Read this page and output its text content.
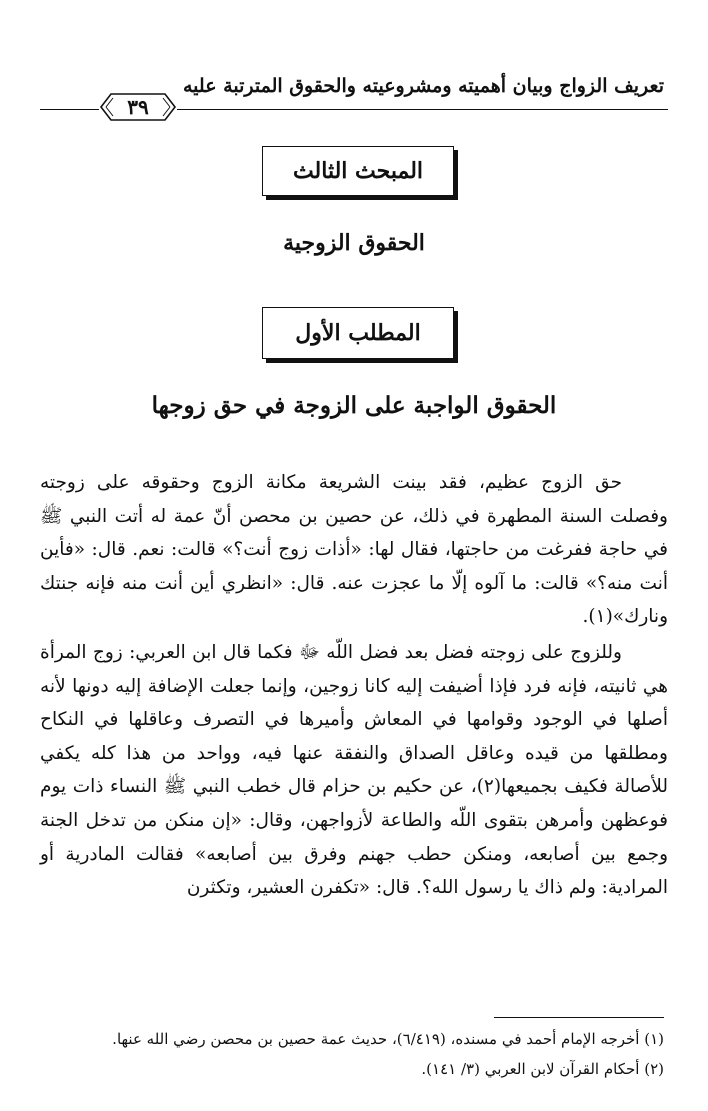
تعريف الزواج وبيان أهميته ومشروعيته والحقوق المترتبة عليه
٣٩
المبحث الثالث
الحقوق الزوجية
المطلب الأول
الحقوق الواجبة على الزوجة في حق زوجها

حق الزوج عظيم، فقد بينت الشريعة مكانة الزوج وحقوقه على زوجته وفصلت السنة المطهرة في ذلك، عن حصين بن محصن أنّ عمة له أتت النبي ﷺ في حاجة ففرغت من حاجتها، فقال لها: «أذات زوج أنت؟» قالت: نعم. قال: «فأين أنت منه؟» قالت: ما آلوه إلّا ما عجزت عنه. قال: «انظري أين أنت منه فإنه جنتك ونارك»(١).

وللزوج على زوجته فضل بعد فضل اللّه ﷻ فكما قال ابن العربي: زوج المرأة هي ثانيته، فإنه فرد فإذا أضيفت إليه كانا زوجين، وإنما جعلت الإضافة إليه دونها لأنه أصلها في الوجود وقوامها في المعاش وأميرها في التصرف وعاقلها في النكاح ومطلقها من قيده وعاقل الصداق والنفقة عنها فيه، وواحد من هذا كله يكفي للأصالة فكيف بجميعها(٢)، عن حكيم بن حزام قال خطب النبي ﷺ النساء ذات يوم فوعظهن وأمرهن بتقوى اللّه والطاعة لأزواجهن، وقال: «إن منكن من تدخل الجنة وجمع بين أصابعه، ومنكن حطب جهنم وفرق بين أصابعه» فقالت المادرية أو المرادية: ولم ذاك يا رسول الله؟. قال: «تكفرن العشير، وتكثرن

(١) أخرجه الإمام أحمد في مسنده، (٦/٤١٩)، حديث عمة حصين بن محصن رضي الله عنها.
(٢) أحكام القرآن لابن العربي (٣/ ١٤١).
